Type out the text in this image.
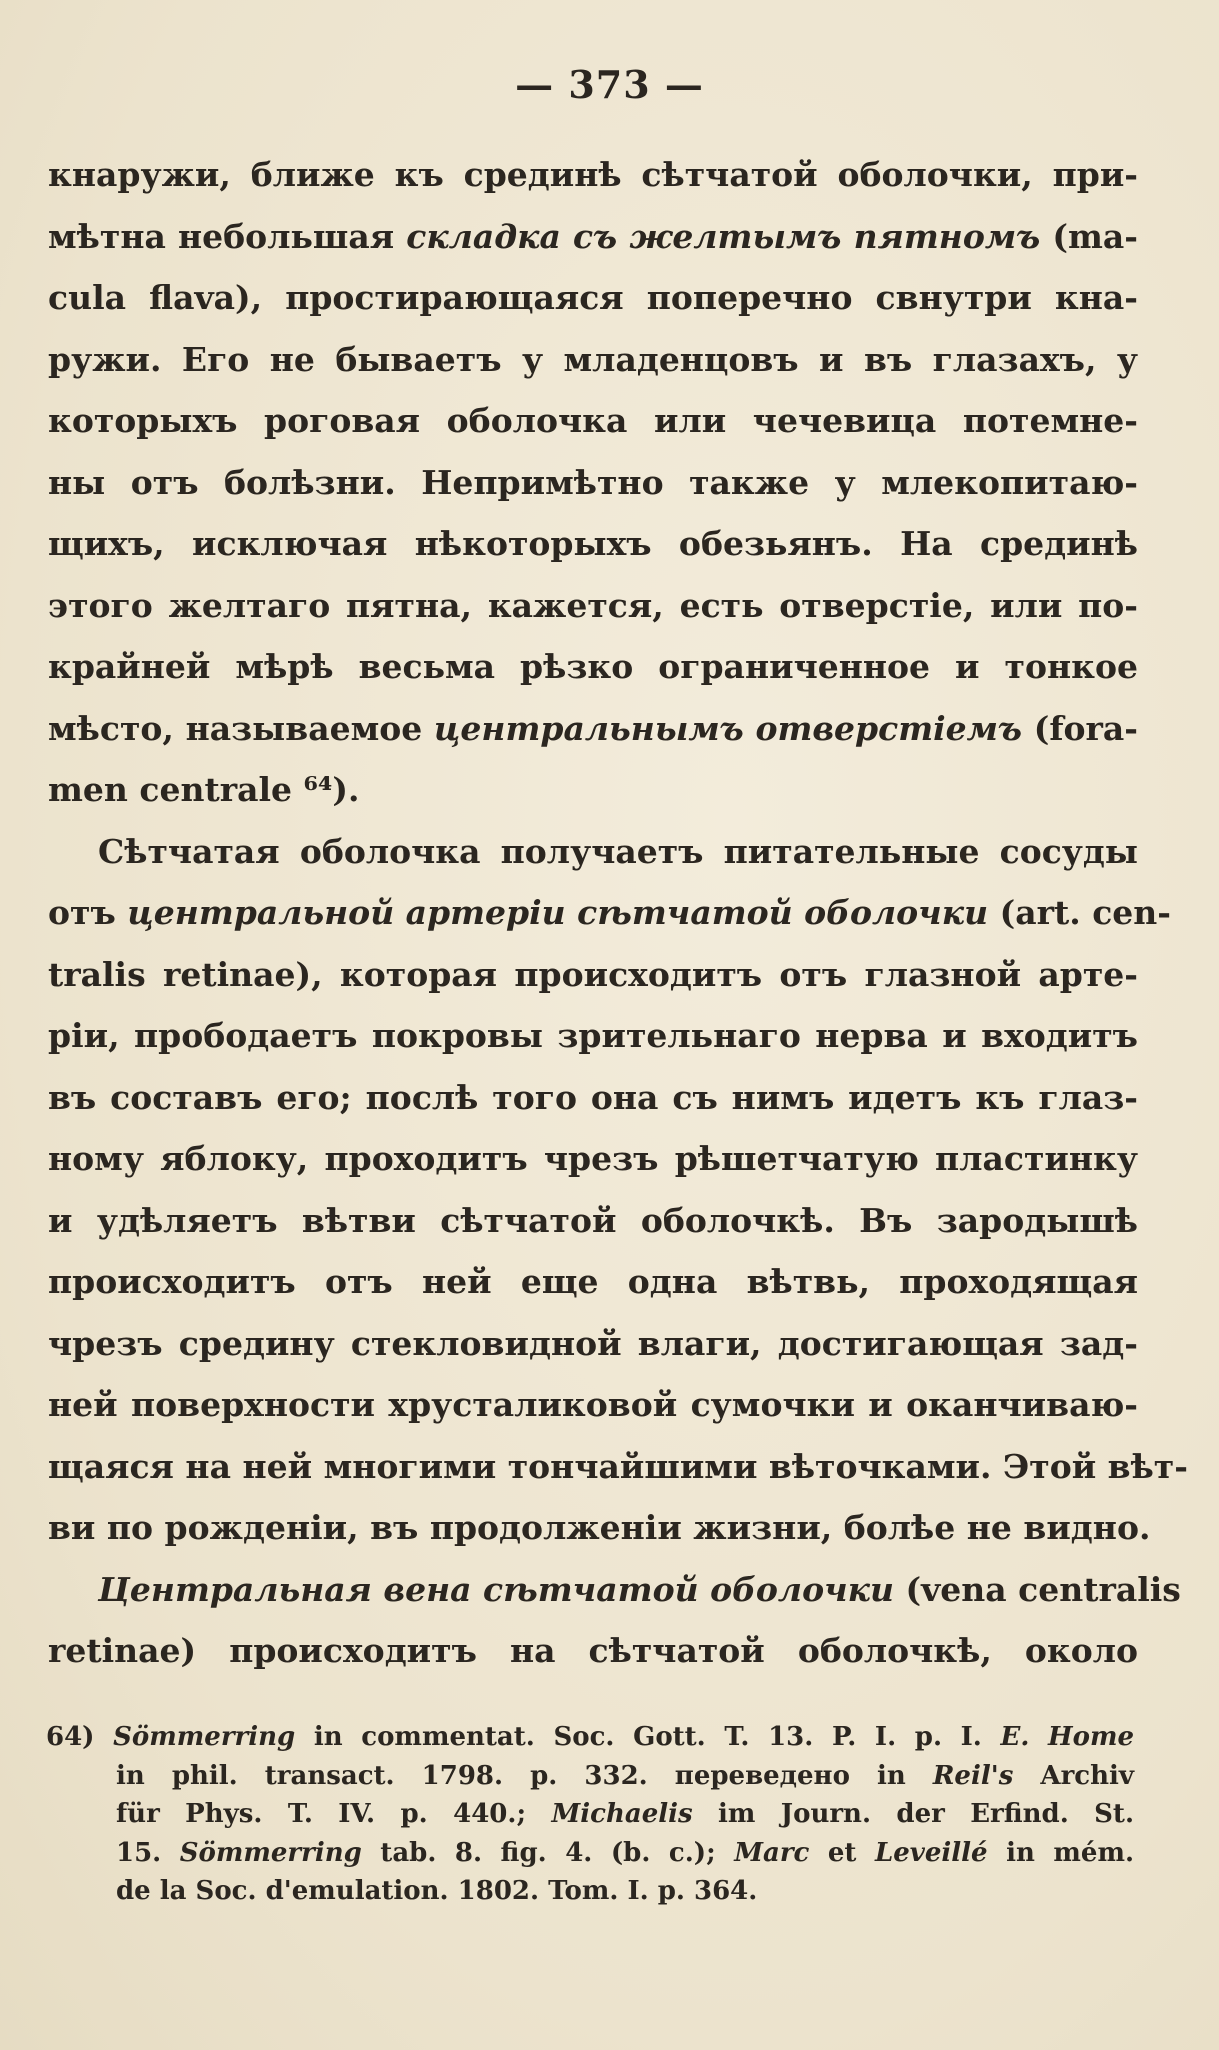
— 373 —
кнаружи, ближе къ срединѣ сѣтчатой оболочки, при-
мѣтна небольшая складка съ желтымъ пятномъ (ma-
cula flava), простирающаяся поперечно свнутри кна-
ружи. Его не бываетъ у младенцовъ и въ глазахъ, у
которыхъ роговая оболочка или чечевица потемне-
ны отъ болѣзни. Непримѣтно также у млекопитаю-
щихъ, исключая нѣкоторыхъ обезьянъ. На срединѣ
этого желтаго пятна, кажется, есть отверстіе, или по-
крайней мѣрѣ весьма рѣзко ограниченное и тонкое
мѣсто, называемое центральнымъ отверстіемъ (fora-
men centrale ⁶⁴).
Сѣтчатая оболочка получаетъ питательные сосуды
отъ центральной артеріи сѣтчатой оболочки (art. cen-
tralis retinae), которая происходитъ отъ глазной арте-
ріи, прободаетъ покровы зрительнаго нерва и входитъ
въ составъ его; послѣ того она съ нимъ идетъ къ глаз-
ному яблоку, проходитъ чрезъ рѣшетчатую пластинку
и удѣляетъ вѣтви сѣтчатой оболочкѣ. Въ зародышѣ
происходитъ отъ ней еще одна вѣтвь, проходящая
чрезъ средину стекловидной влаги, достигающая зад-
ней поверхности хрусталиковой сумочки и оканчиваю-
щаяся на ней многими тончайшими вѣточками. Этой вѣт-
ви по рожденіи, въ продолженіи жизни, болѣе не видно.
Центральная вена сѣтчатой оболочки (vena centralis
retinae) происходитъ на сѣтчатой оболочкѣ, около
64) Sömmerring in commentat. Soc. Gott. T. 13. P. I. p. I. E. Home
in phil. transact. 1798. p. 332. переведено in Reil's Archiv
für Phys. T. IV. p. 440.; Michaelis im Journ. der Erfind. St.
15. Sömmerring tab. 8. fig. 4. (b. c.); Marc et Leveillé in mém.
de la Soc. d'emulation. 1802. Tom. I. p. 364.
